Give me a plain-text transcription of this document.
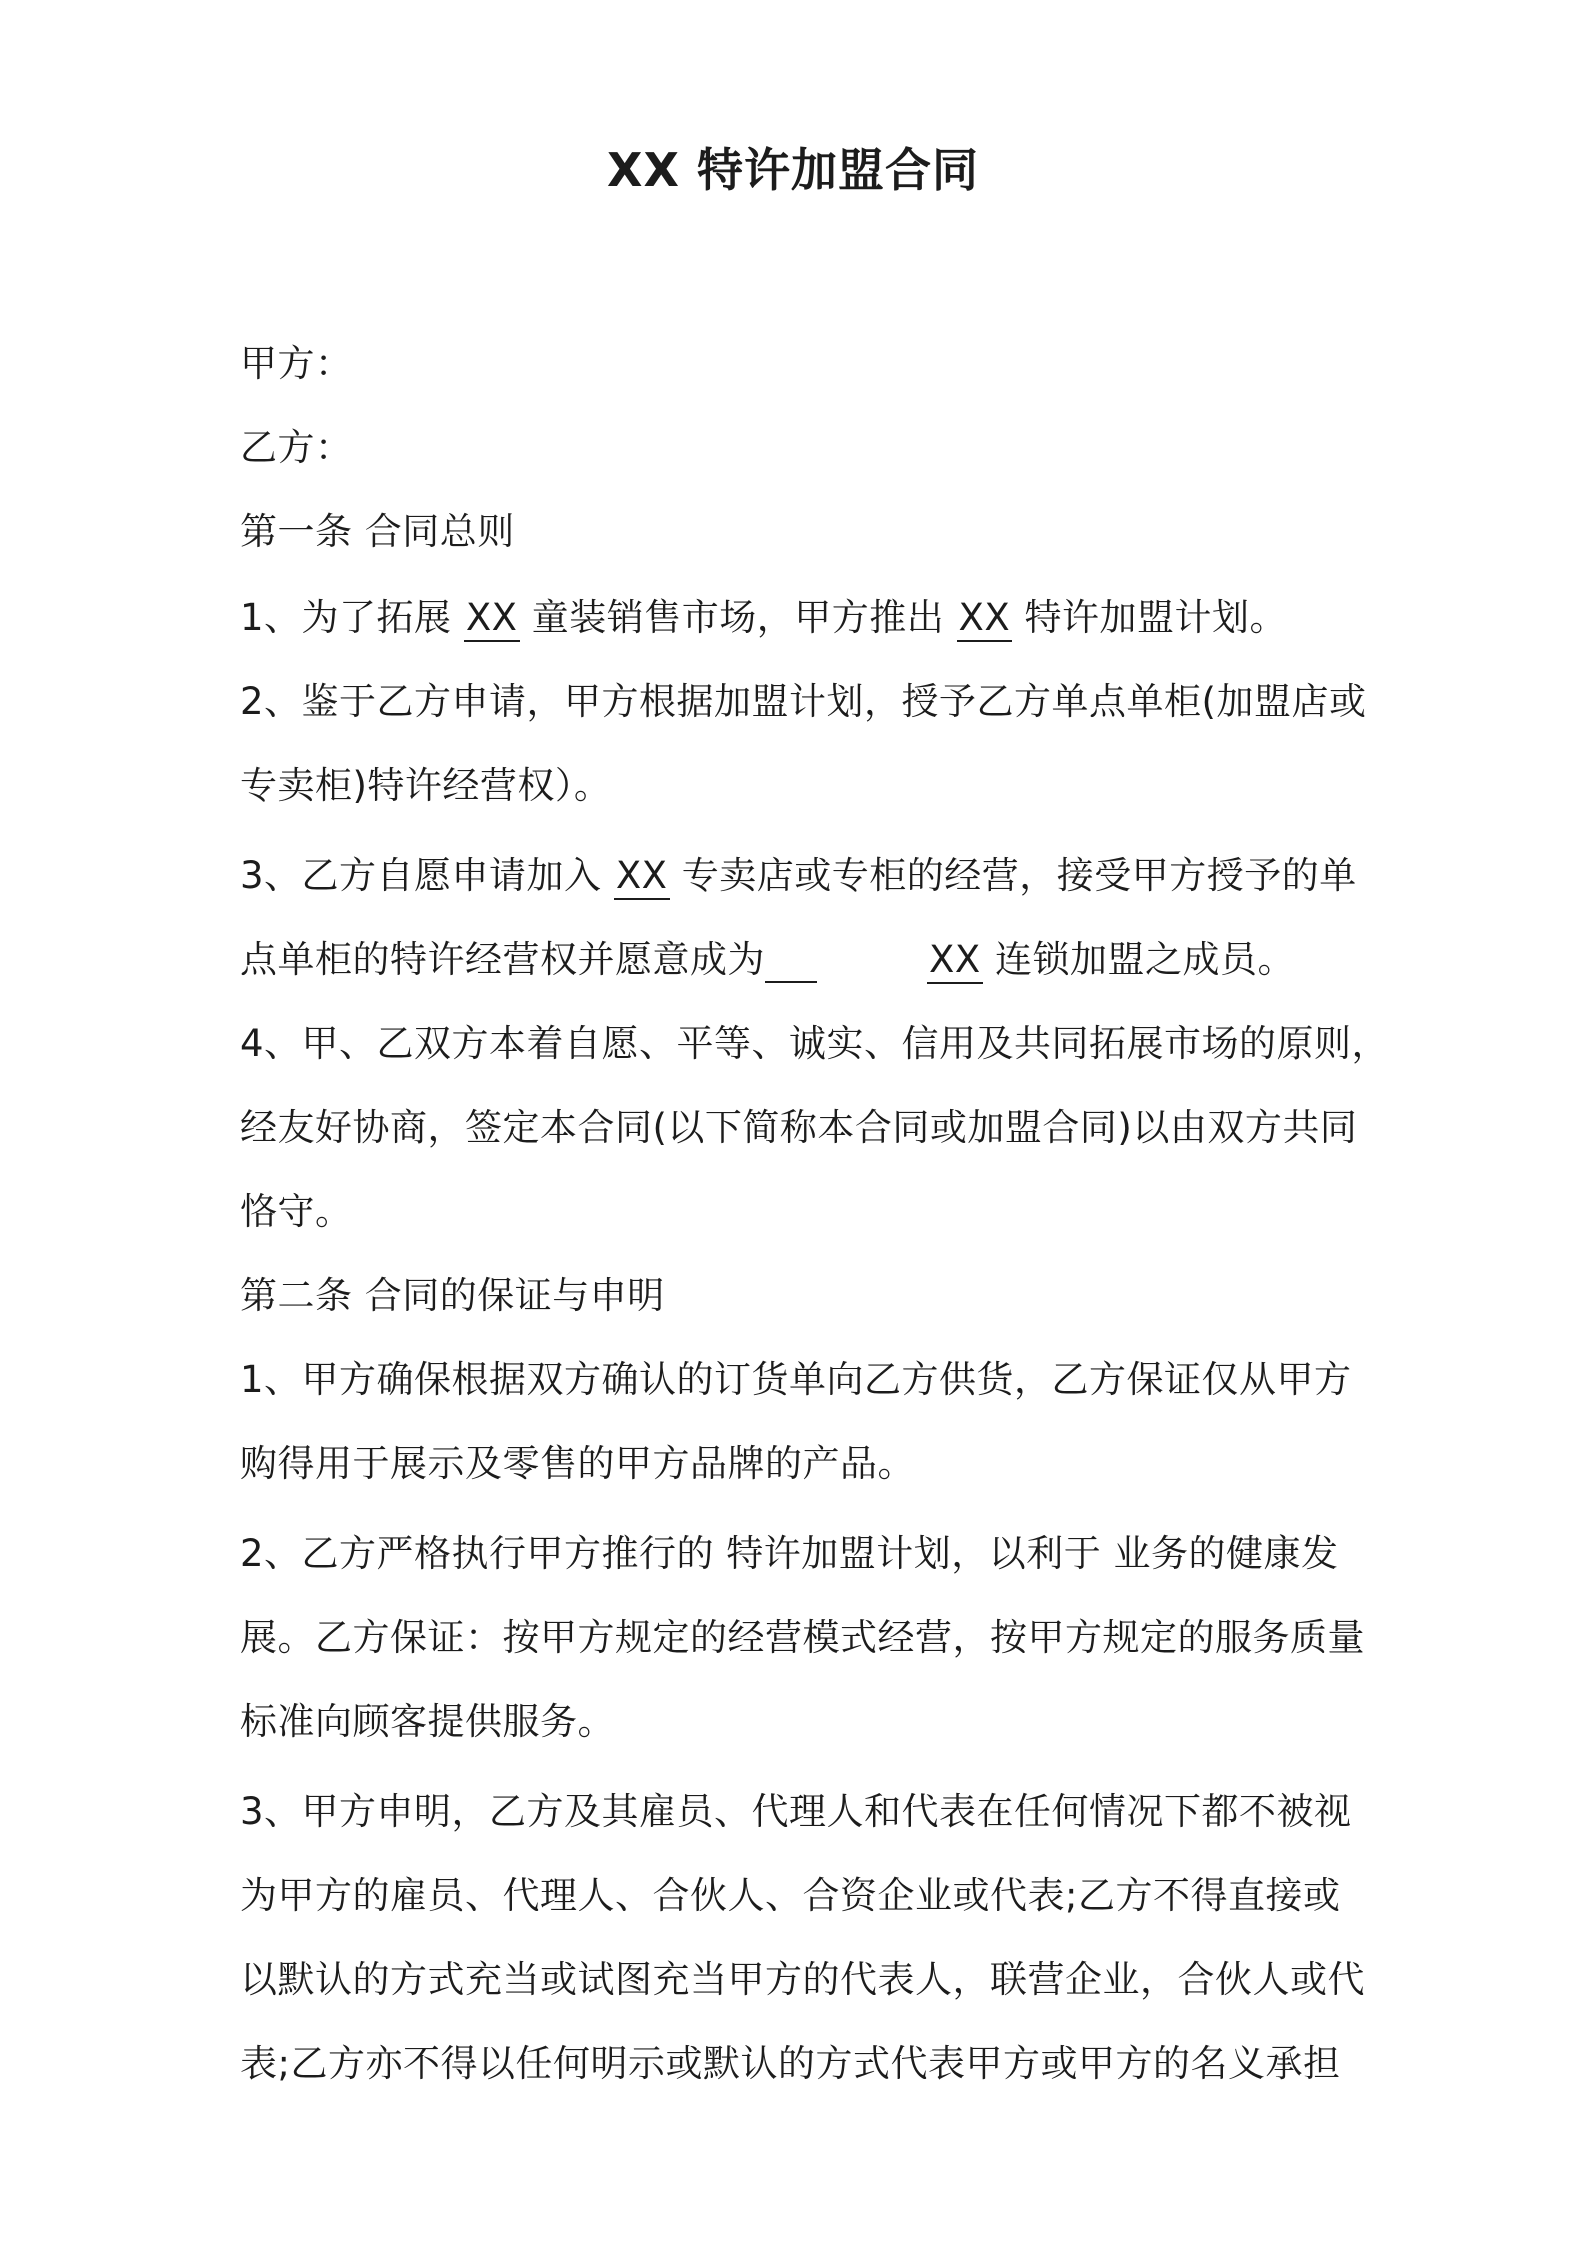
XX 特许加盟合同
甲方：
乙方：
第一条 合同总则
1、为了拓展 XX 童装销售市场，甲方推出 XX 特许加盟计划。
2、鉴于乙方申请，甲方根据加盟计划，授予乙方单点单柜(加盟店或
专卖柜)特许经营权）。
3、乙方自愿申请加入 XX 专卖店或专柜的经营，接受甲方授予的单
点单柜的特许经营权并愿意成为	XX 连锁加盟之成员。
4、甲、乙双方本着自愿、平等、诚实、信用及共同拓展市场的原则，
经友好协商，签定本合同(以下简称本合同或加盟合同)以由双方共同
恪守。
第二条 合同的保证与申明
1、甲方确保根据双方确认的订货单向乙方供货，乙方保证仅从甲方
购得用于展示及零售的甲方品牌的产品。
2、乙方严格执行甲方推行的 特许加盟计划，以利于 业务的健康发
展。乙方保证：按甲方规定的经营模式经营，按甲方规定的服务质量
标准向顾客提供服务。
3、甲方申明，乙方及其雇员、代理人和代表在任何情况下都不被视
为甲方的雇员、代理人、合伙人、合资企业或代表;乙方不得直接或
以默认的方式充当或试图充当甲方的代表人，联营企业，合伙人或代
表;乙方亦不得以任何明示或默认的方式代表甲方或甲方的名义承担
